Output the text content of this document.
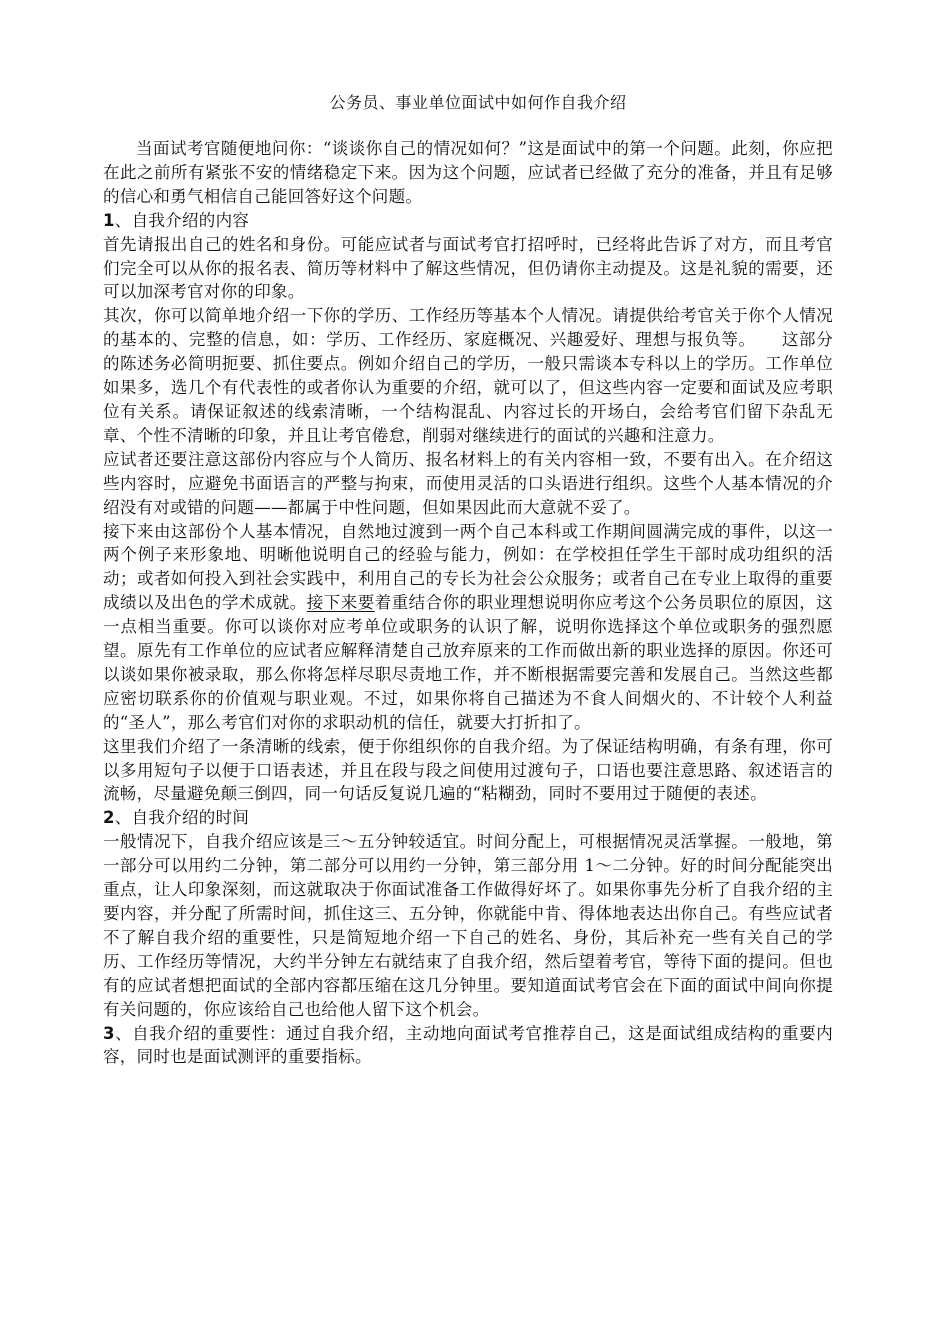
公务员、事业单位面试中如何作自我介绍

当面试考官随便地问你：“谈谈你自己的情况如何？”这是面试中的第一个问题。此刻，你应把在此之前所有紧张不安的情绪稳定下来。因为这个问题，应试者已经做了充分的准备，并且有足够的信心和勇气相信自己能回答好这个问题。

1、自我介绍的内容

首先请报出自己的姓名和身份。可能应试者与面试考官打招呼时，已经将此告诉了对方，而且考官们完全可以从你的报名表、简历等材料中了解这些情况，但仍请你主动提及。这是礼貌的需要，还可以加深考官对你的印象。

其次，你可以简单地介绍一下你的学历、工作经历等基本个人情况。请提供给考官关于你个人情况的基本的、完整的信息，如：学历、工作经历、家庭概况、兴趣爱好、理想与报负等。　　这部分的陈述务必简明扼要、抓住要点。例如介绍自己的学历，一般只需谈本专科以上的学历。工作单位如果多，选几个有代表性的或者你认为重要的介绍，就可以了，但这些内容一定要和面试及应考职位有关系。请保证叙述的线索清晰，一个结构混乱、内容过长的开场白，会给考官们留下杂乱无章、个性不清晰的印象，并且让考官倦怠，削弱对继续进行的面试的兴趣和注意力。

应试者还要注意这部份内容应与个人简历、报名材料上的有关内容相一致，不要有出入。在介绍这些内容时，应避免书面语言的严整与拘束，而使用灵活的口头语进行组织。这些个人基本情况的介绍没有对或错的问题——都属于中性问题，但如果因此而大意就不妥了。

接下来由这部份个人基本情况，自然地过渡到一两个自己本科或工作期间圆满完成的事件，以这一两个例子来形象地、明晰他说明自己的经验与能力，例如：在学校担任学生干部时成功组织的活动；或者如何投入到社会实践中，利用自己的专长为社会公众服务；或者自己在专业上取得的重要成绩以及出色的学术成就。接下来要着重结合你的职业理想说明你应考这个公务员职位的原因，这一点相当重要。你可以谈你对应考单位或职务的认识了解，说明你选择这个单位或职务的强烈愿望。原先有工作单位的应试者应解释清楚自己放弃原来的工作而做出新的职业选择的原因。你还可以谈如果你被录取，那么你将怎样尽职尽责地工作，并不断根据需要完善和发展自己。当然这些都应密切联系你的价值观与职业观。不过，如果你将自己描述为不食人间烟火的、不计较个人利益的“圣人”，那么考官们对你的求职动机的信任，就要大打折扣了。

这里我们介绍了一条清晰的线索，便于你组织你的自我介绍。为了保证结构明确，有条有理，你可以多用短句子以便于口语表述，并且在段与段之间使用过渡句子，口语也要注意思路、叙述语言的流畅，尽量避免颠三倒四，同一句话反复说几遍的“粘糊劲，同时不要用过于随便的表述。

2、自我介绍的时间

一般情况下，自我介绍应该是三～五分钟较适宜。时间分配上，可根据情况灵活掌握。一般地，第一部分可以用约二分钟，第二部分可以用约一分钟，第三部分用 1～二分钟。好的时间分配能突出重点，让人印象深刻，而这就取决于你面试准备工作做得好坏了。如果你事先分析了自我介绍的主要内容，并分配了所需时间，抓住这三、五分钟，你就能中肯、得体地表达出你自己。有些应试者不了解自我介绍的重要性，只是简短地介绍一下自己的姓名、身份，其后补充一些有关自己的学历、工作经历等情况，大约半分钟左右就结束了自我介绍，然后望着考官，等待下面的提问。但也有的应试者想把面试的全部内容都压缩在这几分钟里。要知道面试考官会在下面的面试中间向你提有关问题的，你应该给自己也给他人留下这个机会。

3、自我介绍的重要性：通过自我介绍，主动地向面试考官推荐自己，这是面试组成结构的重要内容，同时也是面试测评的重要指标。
